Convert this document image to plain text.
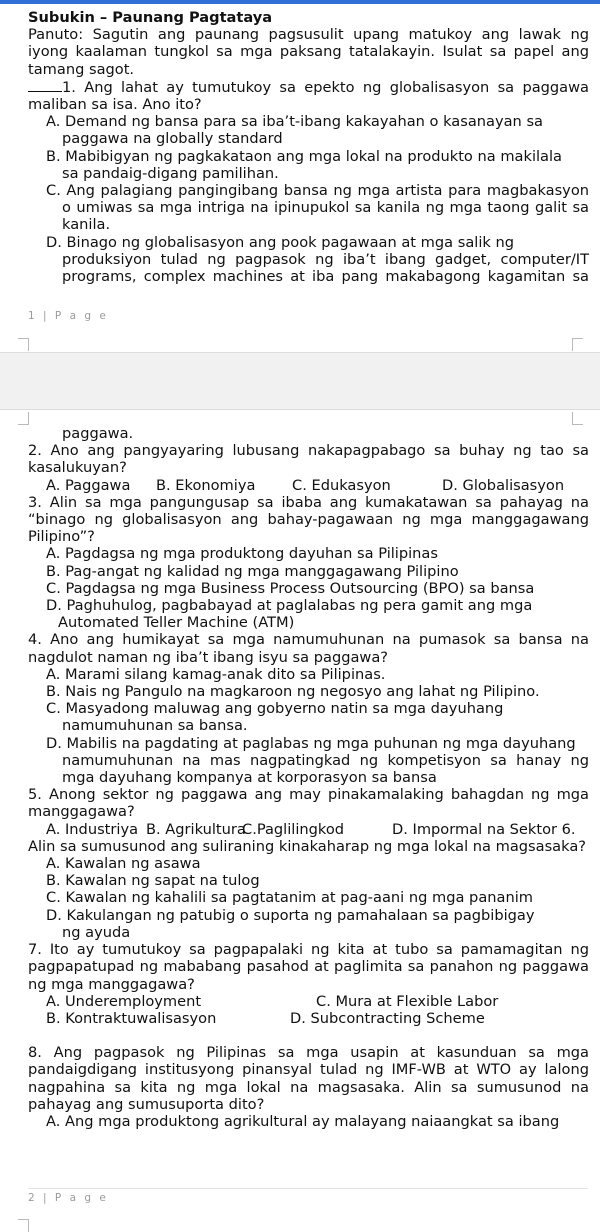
Subukin – Paunang Pagtataya
Panuto: Sagutin ang paunang pagsusulit upang matukoy ang lawak ng
iyong kaalaman tungkol sa mga paksang tatalakayin. Isulat sa papel ang
tamang sagot.
1. Ang lahat ay tumutukoy sa epekto ng globalisasyon sa paggawa
maliban sa isa. Ano ito?
A. Demand ng bansa para sa iba’t-ibang kakayahan o kasanayan sa
paggawa na globally standard
B. Mabibigyan ng pagkakataon ang mga lokal na produkto na makilala
sa pandaig-digang pamilihan.
C. Ang palagiang pangingibang bansa ng mga artista para magbakasyon
o umiwas sa mga intriga na ipinupukol sa kanila ng mga taong galit sa
kanila.
D. Binago ng globalisasyon ang pook pagawaan at mga salik ng
produksiyon tulad ng pagpasok ng iba’t ibang gadget, computer/IT
programs, complex machines at iba pang makabagong kagamitan sa
1 | P a g e
paggawa.
2. Ano ang pangyayaring lubusang nakapagpabago sa buhay ng tao sa
kasalukuyan?
A. Paggawa B. Ekonomiya	C. Edukasyon	D. Globalisasyon
3. Alin sa mga pangungusap sa ibaba ang kumakatawan sa pahayag na
“binago ng globalisasyon ang bahay-pagawaan ng mga manggagawang
Pilipino”?
A. Pagdagsa ng mga produktong dayuhan sa Pilipinas
B. Pag-angat ng kalidad ng mga manggagawang Pilipino
C. Pagdagsa ng mga Business Process Outsourcing (BPO) sa bansa
D. Paghuhulog, pagbabayad at paglalabas ng pera gamit ang mga
Automated Teller Machine (ATM)
4. Ano ang humikayat sa mga namumuhunan na pumasok sa bansa na
nagdulot naman ng iba’t ibang isyu sa paggawa?
A. Marami silang kamag-anak dito sa Pilipinas.
B. Nais ng Pangulo na magkaroon ng negosyo ang lahat ng Pilipino.
C. Masyadong maluwag ang gobyerno natin sa mga dayuhang
namumuhunan sa bansa.
D. Mabilis na pagdating at paglabas ng mga puhunan ng mga dayuhang
namumuhunan na mas nagpatingkad ng kompetisyon sa hanay ng
mga dayuhang kompanya at korporasyon sa bansa
5. Anong sektor ng paggawa ang may pinakamalaking bahagdan ng mga
manggagawa?
A. Industriya B. AgrikulturaC.Paglilingkod	D. Impormal na Sektor 6.
Alin sa sumusunod ang suliraning kinakaharap ng mga lokal na magsasaka?
A. Kawalan ng asawa
B. Kawalan ng sapat na tulog
C. Kawalan ng kahalili sa pagtatanim at pag-aani ng mga pananim
D. Kakulangan ng patubig o suporta ng pamahalaan sa pagbibigay
ng ayuda
7. Ito ay tumutukoy sa pagpapalaki ng kita at tubo sa pamamagitan ng
pagpapatupad ng mababang pasahod at paglimita sa panahon ng paggawa
ng mga manggagawa?
A. Underemployment	C. Mura at Flexible Labor
B. Kontraktuwalisasyon	D. Subcontracting Scheme
8. Ang pagpasok ng Pilipinas sa mga usapin at kasunduan sa mga
pandaigdigang institusyong pinansyal tulad ng IMF-WB at WTO ay lalong
nagpahina sa kita ng mga lokal na magsasaka. Alin sa sumusunod na
pahayag ang sumusuporta dito?
A. Ang mga produktong agrikultural ay malayang naiaangkat sa ibang
2 | P a g e
